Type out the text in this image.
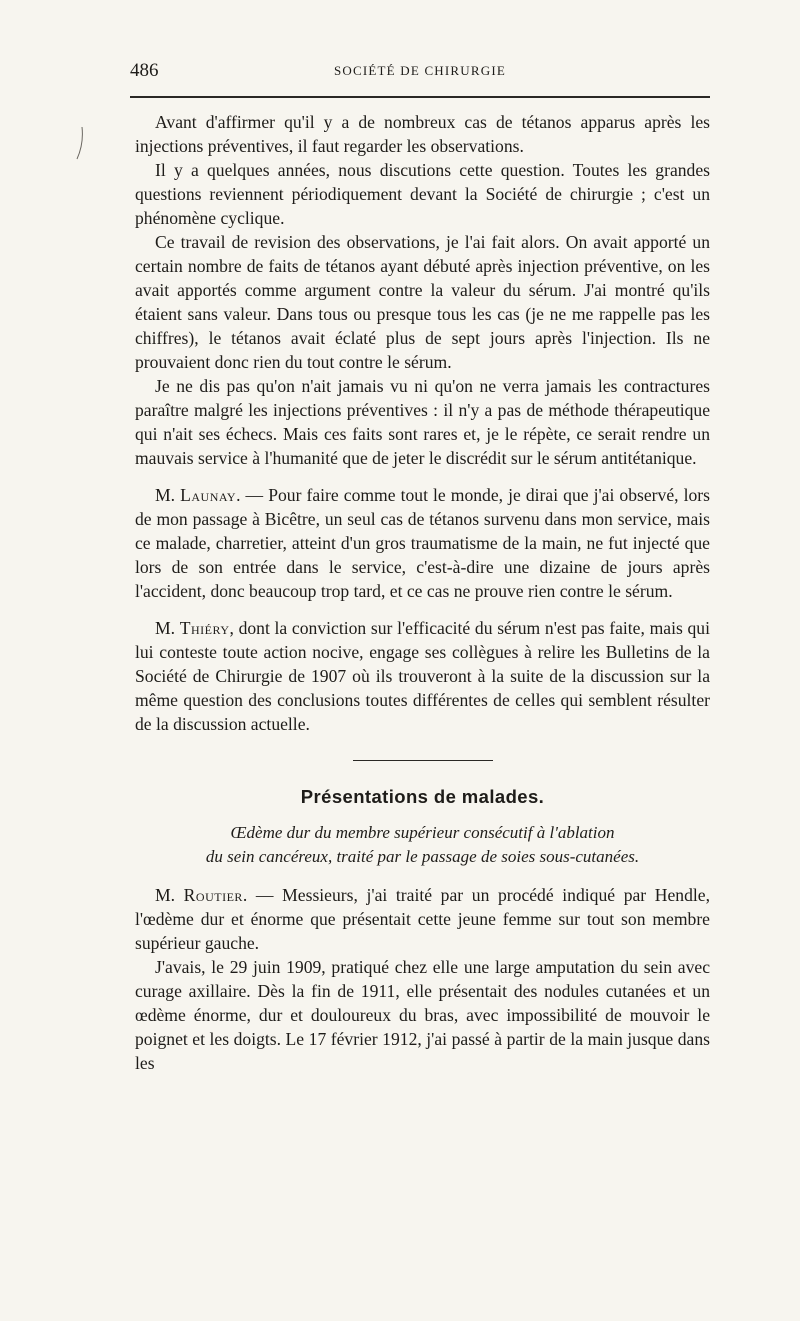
486	SOCIÉTÉ DE CHIRURGIE

Avant d'affirmer qu'il y a de nombreux cas de tétanos apparus après les injections préventives, il faut regarder les observations.

Il y a quelques années, nous discutions cette question. Toutes les grandes questions reviennent périodiquement devant la Société de chirurgie ; c'est un phénomène cyclique.

Ce travail de revision des observations, je l'ai fait alors. On avait apporté un certain nombre de faits de tétanos ayant débuté après injection préventive, on les avait apportés comme argument contre la valeur du sérum. J'ai montré qu'ils étaient sans valeur. Dans tous ou presque tous les cas (je ne me rappelle pas les chiffres), le tétanos avait éclaté plus de sept jours après l'injection. Ils ne prouvaient donc rien du tout contre le sérum.

Je ne dis pas qu'on n'ait jamais vu ni qu'on ne verra jamais les contractures paraître malgré les injections préventives : il n'y a pas de méthode thérapeutique qui n'ait ses échecs. Mais ces faits sont rares et, je le répète, ce serait rendre un mauvais service à l'humanité que de jeter le discrédit sur le sérum antitétanique.

M. Launay. — Pour faire comme tout le monde, je dirai que j'ai observé, lors de mon passage à Bicêtre, un seul cas de tétanos survenu dans mon service, mais ce malade, charretier, atteint d'un gros traumatisme de la main, ne fut injecté que lors de son entrée dans le service, c'est-à-dire une dizaine de jours après l'accident, donc beaucoup trop tard, et ce cas ne prouve rien contre le sérum.

M. Thiéry, dont la conviction sur l'efficacité du sérum n'est pas faite, mais qui lui conteste toute action nocive, engage ses collègues à relire les Bulletins de la Société de Chirurgie de 1907 où ils trouveront à la suite de la discussion sur la même question des conclusions toutes différentes de celles qui semblent résulter de la discussion actuelle.

Présentations de malades.
Œdème dur du membre supérieur consécutif à l'ablation
du sein cancéreux, traité par le passage de soies sous-cutanées.

M. Routier. — Messieurs, j'ai traité par un procédé indiqué par Hendle, l'œdème dur et énorme que présentait cette jeune femme sur tout son membre supérieur gauche.

J'avais, le 29 juin 1909, pratiqué chez elle une large amputation du sein avec curage axillaire. Dès la fin de 1911, elle présentait des nodules cutanées et un œdème énorme, dur et douloureux du bras, avec impossibilité de mouvoir le poignet et les doigts. Le 17 février 1912, j'ai passé à partir de la main jusque dans les
